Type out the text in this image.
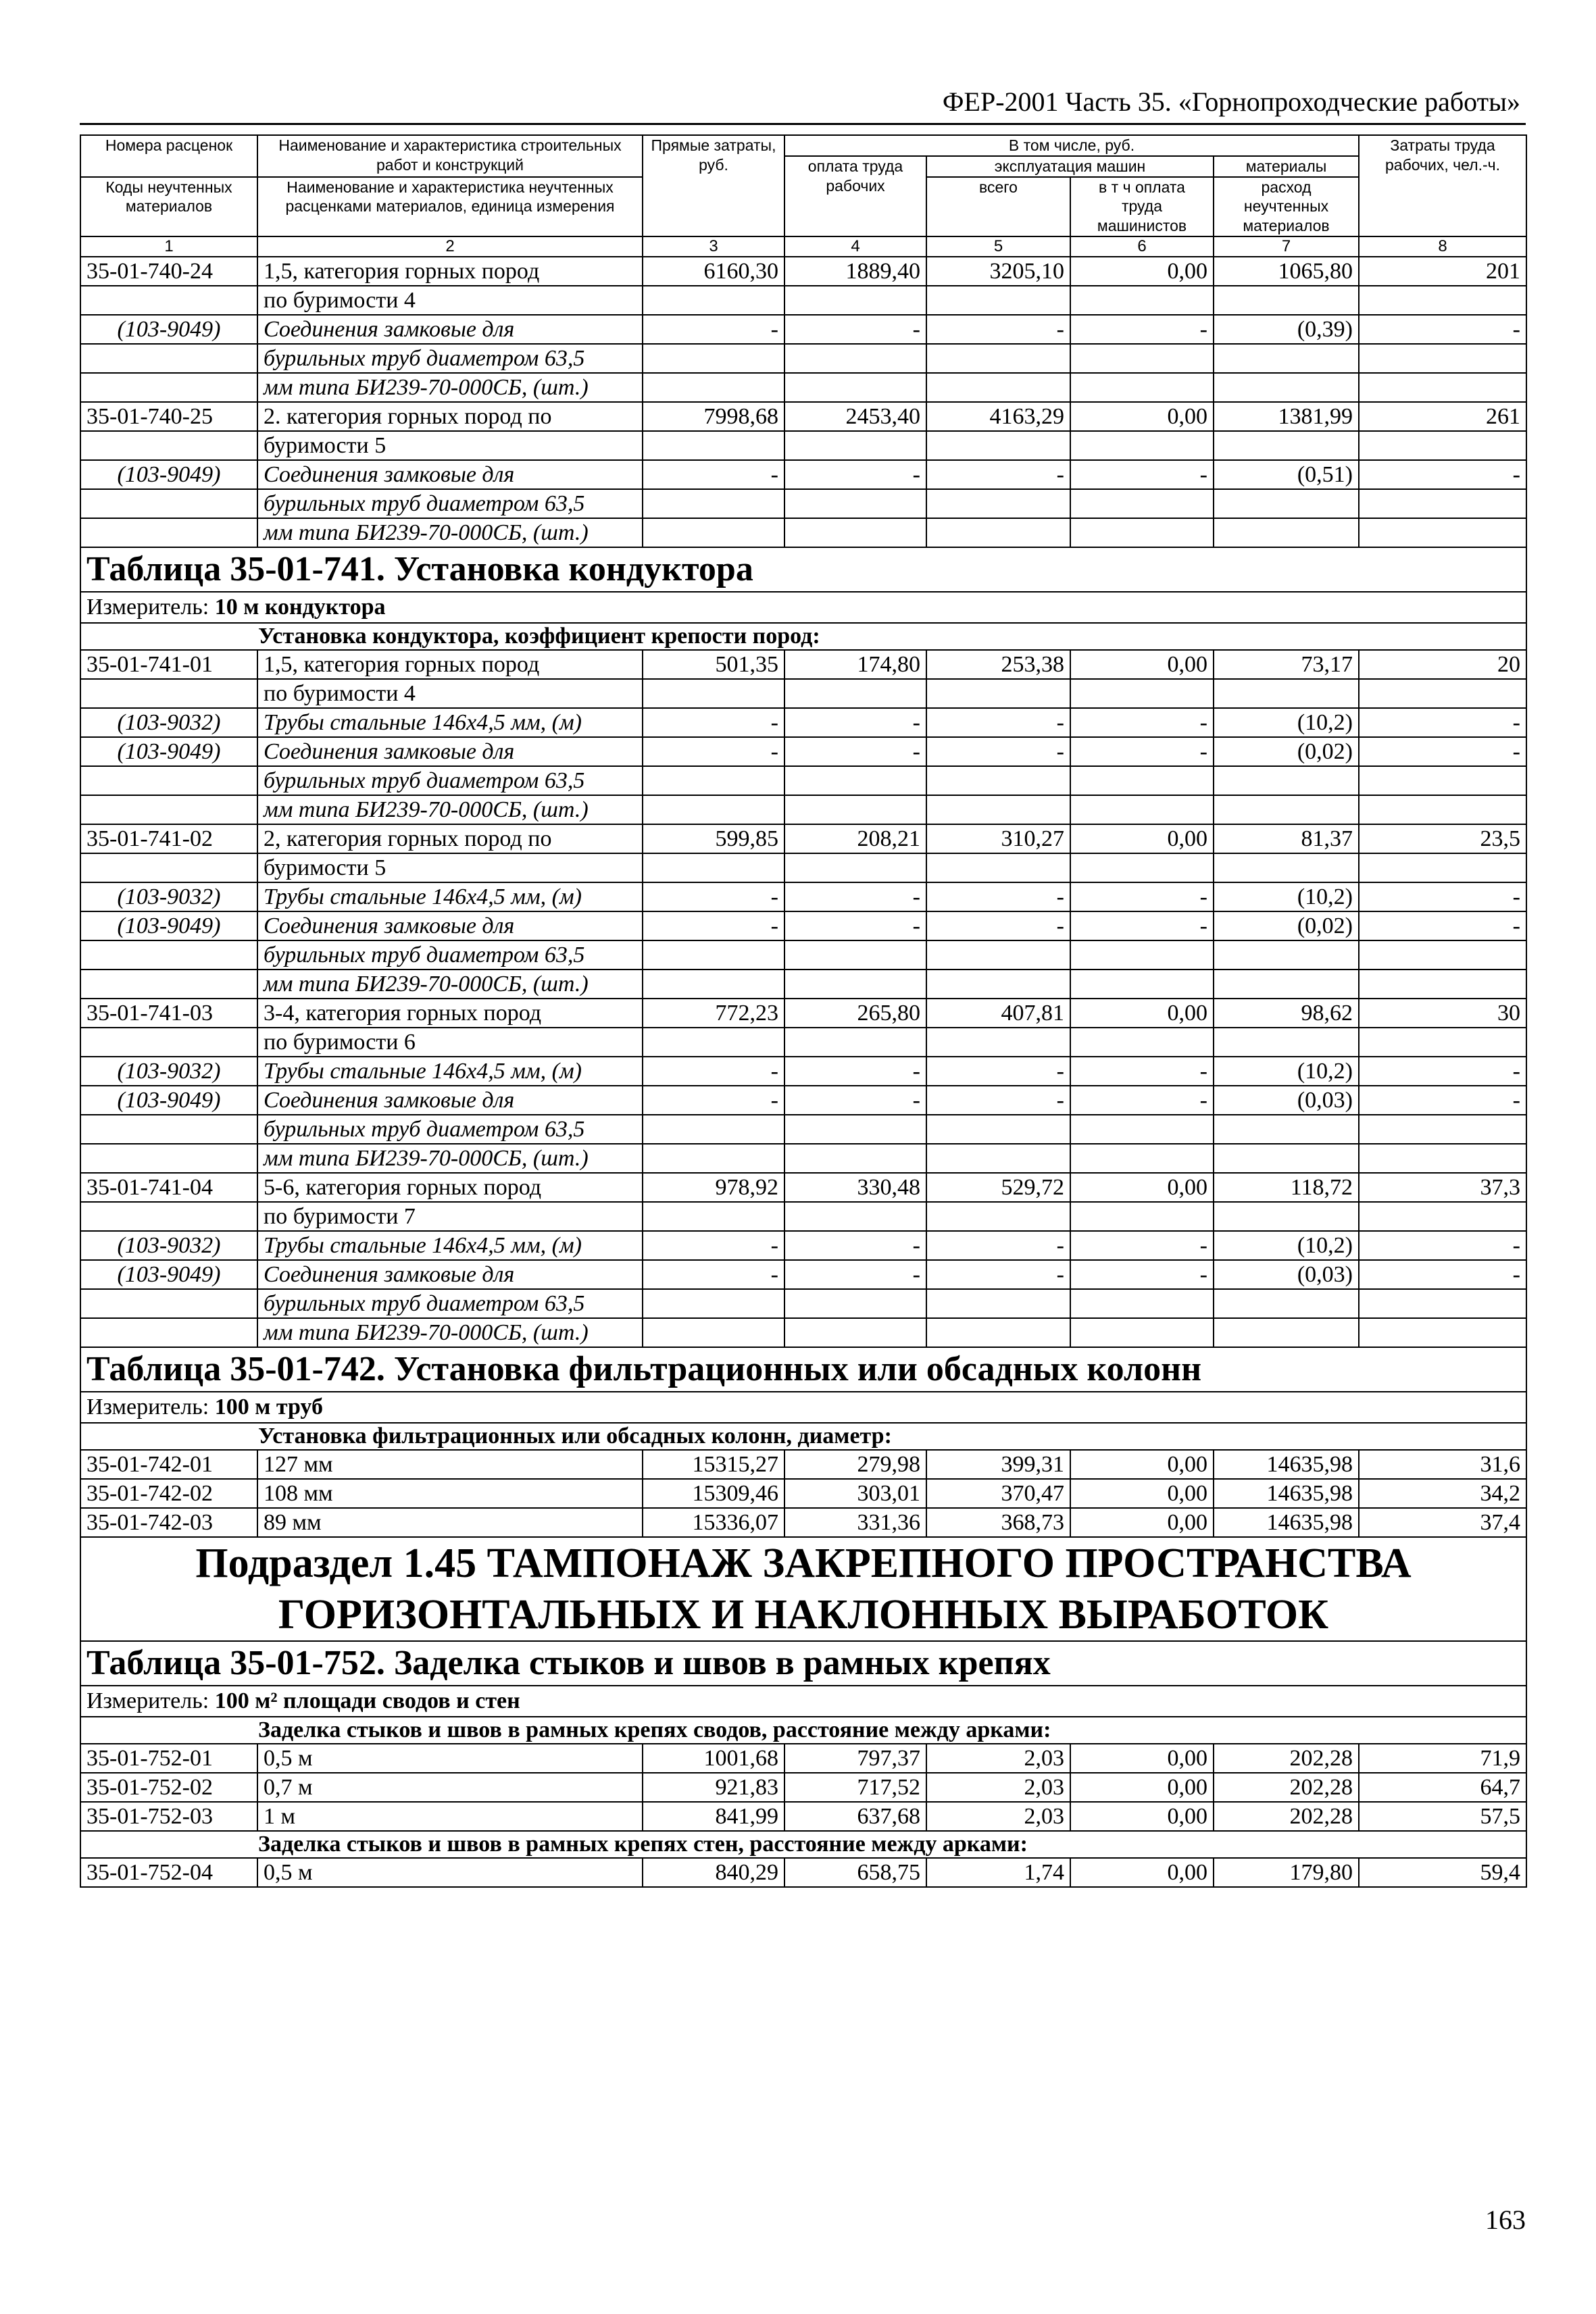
ФЕР-2001 Часть 35. «Горнопроходческие работы»
Номера расценок	Наименование и характеристика строительных работ и конструкций	Прямые затраты, руб.	В том числе, руб.				Затраты труда рабочих, чел.-ч.
			оплата труда рабочих	эксплуатация машин		материалы	
Коды неучтенных материалов	Наименование и характеристика неучтенных расценками материалов, единица измерения			всего	в т ч оплата труда машинистов	расход неучтенных материалов	

1	2	3	4	5	6	7	8
35-01-740-24	1,5, категория горных пород	6160,30	1889,40	3205,10	0,00	1065,80	201
	по буримости 4						
(103-9049)	Соединения замковые для	-	-	-	-	(0,39)	-
	бурильных труб диаметром 63,5						
	мм типа БИ239-70-000СБ, (шт.)						
35-01-740-25	2. категория горных пород по	7998,68	2453,40	4163,29	0,00	1381,99	261
	буримости 5						
(103-9049)	Соединения замковые для	-	-	-	-	(0,51)	-
	бурильных труб диаметром 63,5						
	мм типа БИ239-70-000СБ, (шт.)						
Таблица 35-01-741. Установка кондуктора							
Измеритель: 10 м кондуктора							
Установка кондуктора, коэффициент крепости пород:							
35-01-741-01	1,5, категория горных пород	501,35	174,80	253,38	0,00	73,17	20
	по буримости 4						
(103-9032)	Трубы стальные 146х4,5 мм, (м)	-	-	-	-	(10,2)	-
(103-9049)	Соединения замковые для	-	-	-	-	(0,02)	-
	бурильных труб диаметром 63,5						
	мм типа БИ239-70-000СБ, (шт.)						
35-01-741-02	2, категория горных пород по	599,85	208,21	310,27	0,00	81,37	23,5
	буримости 5						
(103-9032)	Трубы стальные 146х4,5 мм, (м)	-	-	-	-	(10,2)	-
(103-9049)	Соединения замковые для	-	-	-	-	(0,02)	-
	бурильных труб диаметром 63,5						
	мм типа БИ239-70-000СБ, (шт.)						
35-01-741-03	3-4, категория горных пород	772,23	265,80	407,81	0,00	98,62	30
	по буримости 6						
(103-9032)	Трубы стальные 146х4,5 мм, (м)	-	-	-	-	(10,2)	-
(103-9049)	Соединения замковые для	-	-	-	-	(0,03)	-
	бурильных труб диаметром 63,5						
	мм типа БИ239-70-000СБ, (шт.)						
35-01-741-04	5-6, категория горных пород	978,92	330,48	529,72	0,00	118,72	37,3
	по буримости 7						
(103-9032)	Трубы стальные 146х4,5 мм, (м)	-	-	-	-	(10,2)	-
(103-9049)	Соединения замковые для	-	-	-	-	(0,03)	-
	бурильных труб диаметром 63,5						
	мм типа БИ239-70-000СБ, (шт.)						
Таблица 35-01-742. Установка фильтрационных или обсадных колонн							
Измеритель: 100 м труб							
Установка фильтрационных или обсадных колонн, диаметр:							
35-01-742-01	127 мм	15315,27	279,98	399,31	0,00	14635,98	31,6
35-01-742-02	108 мм	15309,46	303,01	370,47	0,00	14635,98	34,2
35-01-742-03	89 мм	15336,07	331,36	368,73	0,00	14635,98	37,4

Подраздел 1.45 ТАМПОНАЖ ЗАКРЕПНОГО ПРОСТРАНСТВА
ГОРИЗОНТАЛЬНЫХ И НАКЛОННЫХ ВЫРАБОТОК							

Таблица 35-01-752. Заделка стыков и швов в рамных крепях							
Измеритель: 100 м² площади сводов и стен							
Заделка стыков и швов в рамных крепях сводов, расстояние между арками:							
35-01-752-01	0,5 м	1001,68	797,37	2,03	0,00	202,28	71,9
35-01-752-02	0,7 м	921,83	717,52	2,03	0,00	202,28	64,7
35-01-752-03	1 м	841,99	637,68	2,03	0,00	202,28	57,5
Заделка стыков и швов в рамных крепях стен, расстояние между арками:							
35-01-752-04	0,5 м	840,29	658,75	1,74	0,00	179,80	59,4
163
